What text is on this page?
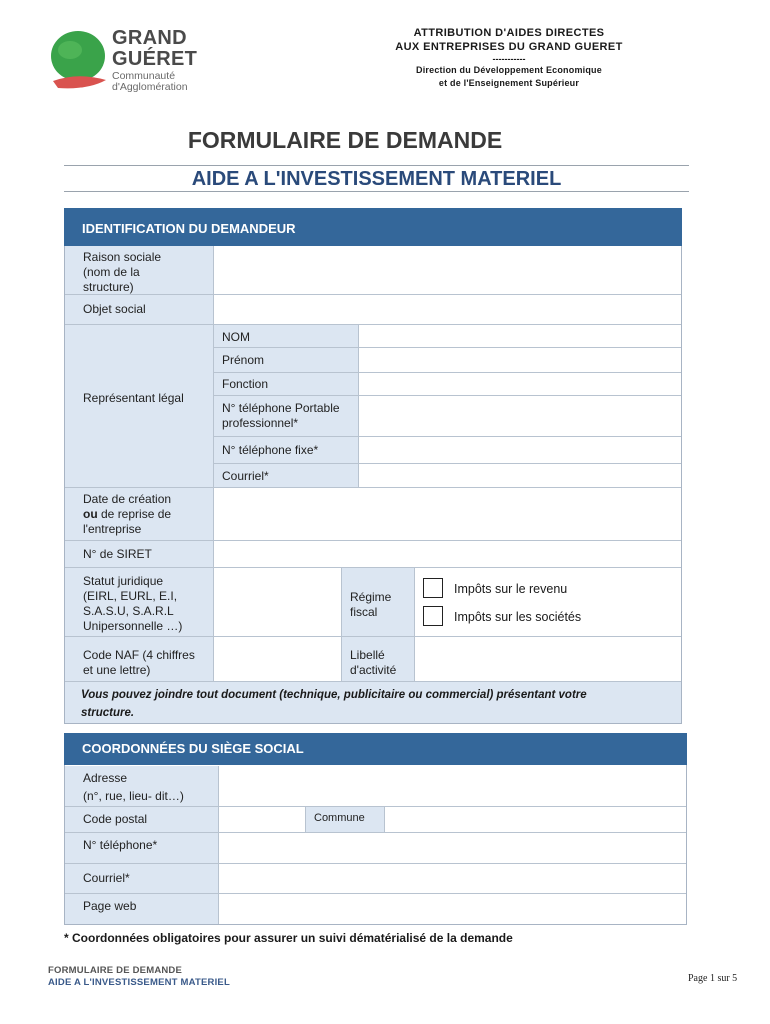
GRAND
GUÉRET
Communauté
d'Agglomération
ATTRIBUTION D'AIDES DIRECTES
AUX ENTREPRISES DU GRAND GUERET
-----------
Direction du Développement Economique
et de l'Enseignement Supérieur
FORMULAIRE DE DEMANDE
AIDE A L'INVESTISSEMENT MATERIEL
IDENTIFICATION DU DEMANDEUR
Raison sociale
(nom de la
structure)
Objet social
Représentant légal
NOM
Prénom
Fonction
N° téléphone Portable
professionnel*
N° téléphone fixe*
Courriel*
Date de création
ou de reprise de
l'entreprise
N° de SIRET
Statut juridique
(EIRL, EURL, E.I,
S.A.S.U, S.A.R.L
Unipersonnelle …)
Régime
fiscal
Impôts sur le revenu
Impôts sur les sociétés
Code NAF (4 chiffres
et une lettre)
Libellé
d'activité
Vous pouvez joindre tout document (technique, publicitaire ou commercial) présentant votre
structure.
COORDONNÉES DU SIÈGE SOCIAL
Adresse
(n°, rue, lieu- dit…)
Code postal	Commune
N° téléphone*
Courriel*
Page web
* Coordonnées obligatoires pour assurer un suivi dématérialisé de la demande
FORMULAIRE DE DEMANDE
AIDE A L'INVESTISSEMENT MATERIEL	Page 1 sur 5
